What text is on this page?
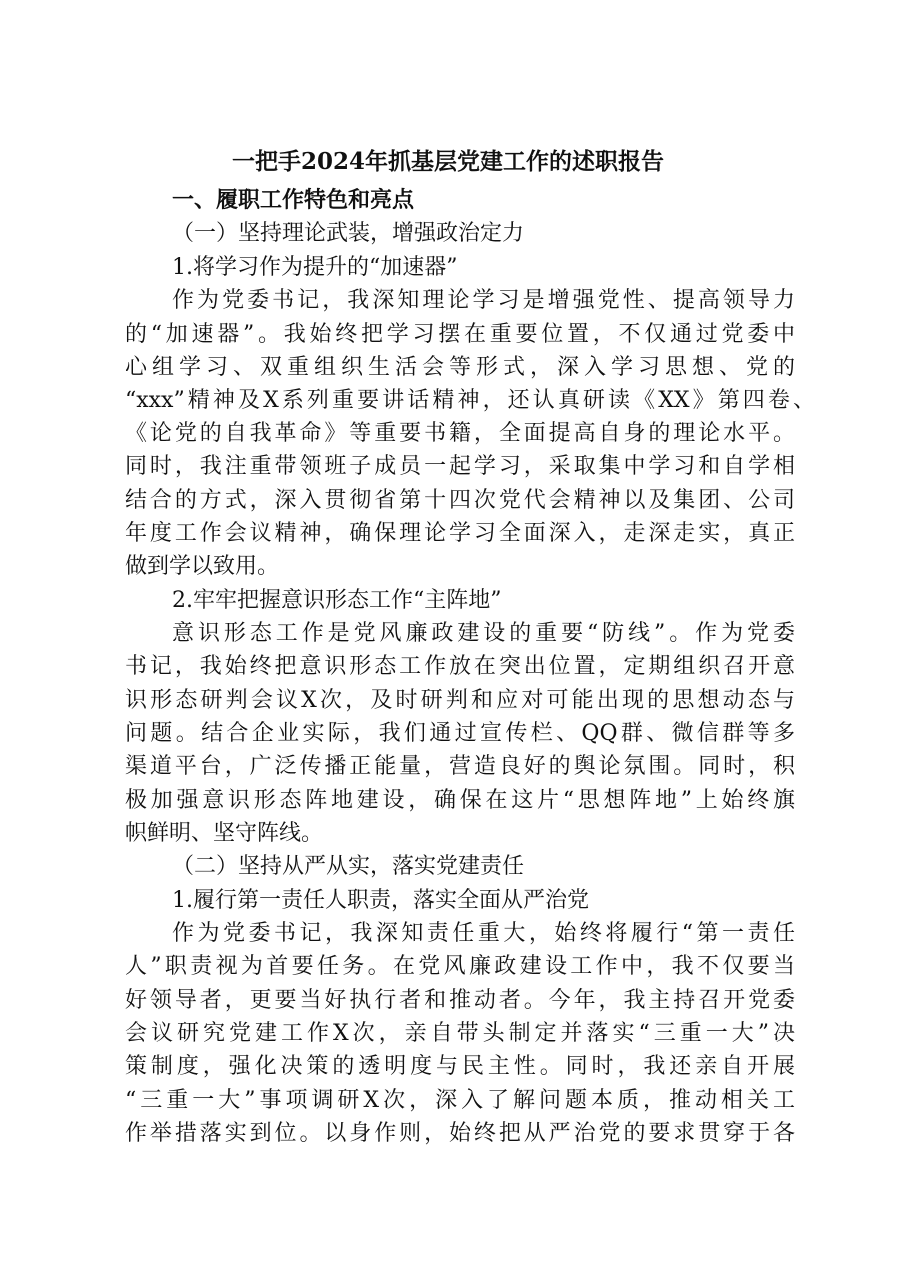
一把手2024年抓基层党建工作的述职报告
一、履职工作特色和亮点
（一）坚持理论武装，增强政治定力
1.将学习作为提升的“加速器”
作为党委书记，我深知理论学习是增强党性、提高领导力
的“加速器”。我始终把学习摆在重要位置，不仅通过党委中
心组学习、双重组织生活会等形式，深入学习思想、党的
“xxx”精神及X系列重要讲话精神，还认真研读《XX》第四卷、
《论党的自我革命》等重要书籍，全面提高自身的理论水平。
同时，我注重带领班子成员一起学习，采取集中学习和自学相
结合的方式，深入贯彻省第十四次党代会精神以及集团、公司
年度工作会议精神，确保理论学习全面深入，走深走实，真正
做到学以致用。
2.牢牢把握意识形态工作“主阵地”
意识形态工作是党风廉政建设的重要“防线”。作为党委
书记，我始终把意识形态工作放在突出位置，定期组织召开意
识形态研判会议X次，及时研判和应对可能出现的思想动态与
问题。结合企业实际，我们通过宣传栏、QQ群、微信群等多
渠道平台，广泛传播正能量，营造良好的舆论氛围。同时，积
极加强意识形态阵地建设，确保在这片“思想阵地”上始终旗
帜鲜明、坚守阵线。
（二）坚持从严从实，落实党建责任
1.履行第一责任人职责，落实全面从严治党
作为党委书记，我深知责任重大，始终将履行“第一责任
人”职责视为首要任务。在党风廉政建设工作中，我不仅要当
好领导者，更要当好执行者和推动者。今年，我主持召开党委
会议研究党建工作X次，亲自带头制定并落实“三重一大”决
策制度，强化决策的透明度与民主性。同时，我还亲自开展
“三重一大”事项调研X次，深入了解问题本质，推动相关工
作举措落实到位。以身作则，始终把从严治党的要求贯穿于各
